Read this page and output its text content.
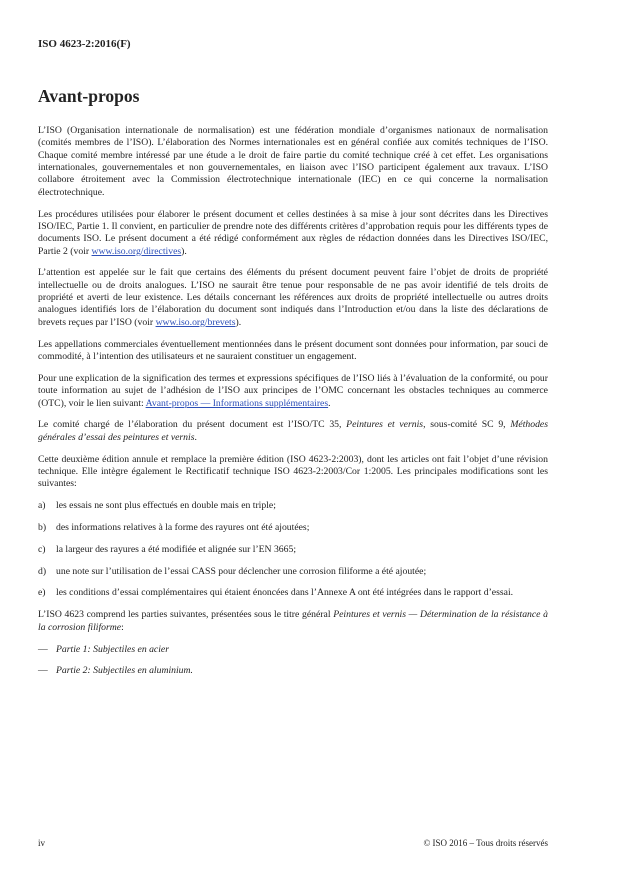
ISO 4623-2:2016(F)
Avant-propos

L’ISO (Organisation internationale de normalisation) est une fédération mondiale d’organismes nationaux de normalisation (comités membres de l’ISO). L’élaboration des Normes internationales est en général confiée aux comités techniques de l’ISO. Chaque comité membre intéressé par une étude a le droit de faire partie du comité technique créé à cet effet. Les organisations internationales, gouvernementales et non gouvernementales, en liaison avec l’ISO participent également aux travaux. L’ISO collabore étroitement avec la Commission électrotechnique internationale (IEC) en ce qui concerne la normalisation électrotechnique.

Les procédures utilisées pour élaborer le présent document et celles destinées à sa mise à jour sont décrites dans les Directives ISO/IEC, Partie 1. Il convient, en particulier de prendre note des différents critères d’approbation requis pour les différents types de documents ISO. Le présent document a été rédigé conformément aux règles de rédaction données dans les Directives ISO/IEC, Partie 2 (voir www.iso.org/directives).

L’attention est appelée sur le fait que certains des éléments du présent document peuvent faire l’objet de droits de propriété intellectuelle ou de droits analogues. L’ISO ne saurait être tenue pour responsable de ne pas avoir identifié de tels droits de propriété et averti de leur existence. Les détails concernant les références aux droits de propriété intellectuelle ou autres droits analogues identifiés lors de l’élaboration du document sont indiqués dans l’Introduction et/ou dans la liste des déclarations de brevets reçues par l’ISO (voir www.iso.org/brevets).

Les appellations commerciales éventuellement mentionnées dans le présent document sont données pour information, par souci de commodité, à l’intention des utilisateurs et ne sauraient constituer un engagement.

Pour une explication de la signification des termes et expressions spécifiques de l’ISO liés à l’évaluation de la conformité, ou pour toute information au sujet de l’adhésion de l’ISO aux principes de l’OMC concernant les obstacles techniques au commerce (OTC), voir le lien suivant: Avant-propos — Informations supplémentaires.

Le comité chargé de l’élaboration du présent document est l’ISO/TC 35, Peintures et vernis, sous-comité SC 9, Méthodes générales d’essai des peintures et vernis.

Cette deuxième édition annule et remplace la première édition (ISO 4623-2:2003), dont les articles ont fait l’objet d’une révision technique. Elle intègre également le Rectificatif technique ISO 4623-2:2003/Cor 1:2005. Les principales modifications sont les suivantes:

a)	les essais ne sont plus effectués en double mais en triple;
b)	des informations relatives à la forme des rayures ont été ajoutées;
c)	la largeur des rayures a été modifiée et alignée sur l’EN 3665;
d)	une note sur l’utilisation de l’essai CASS pour déclencher une corrosion filiforme a été ajoutée;
e)	les conditions d’essai complémentaires qui étaient énoncées dans l’Annexe A ont été intégrées dans le rapport d’essai.

L’ISO 4623 comprend les parties suivantes, présentées sous le titre général Peintures et vernis — Détermination de la résistance à la corrosion filiforme:

— Partie 1: Subjectiles en acier
— Partie 2: Subjectiles en aluminium.
iv	© ISO 2016 – Tous droits réservés
